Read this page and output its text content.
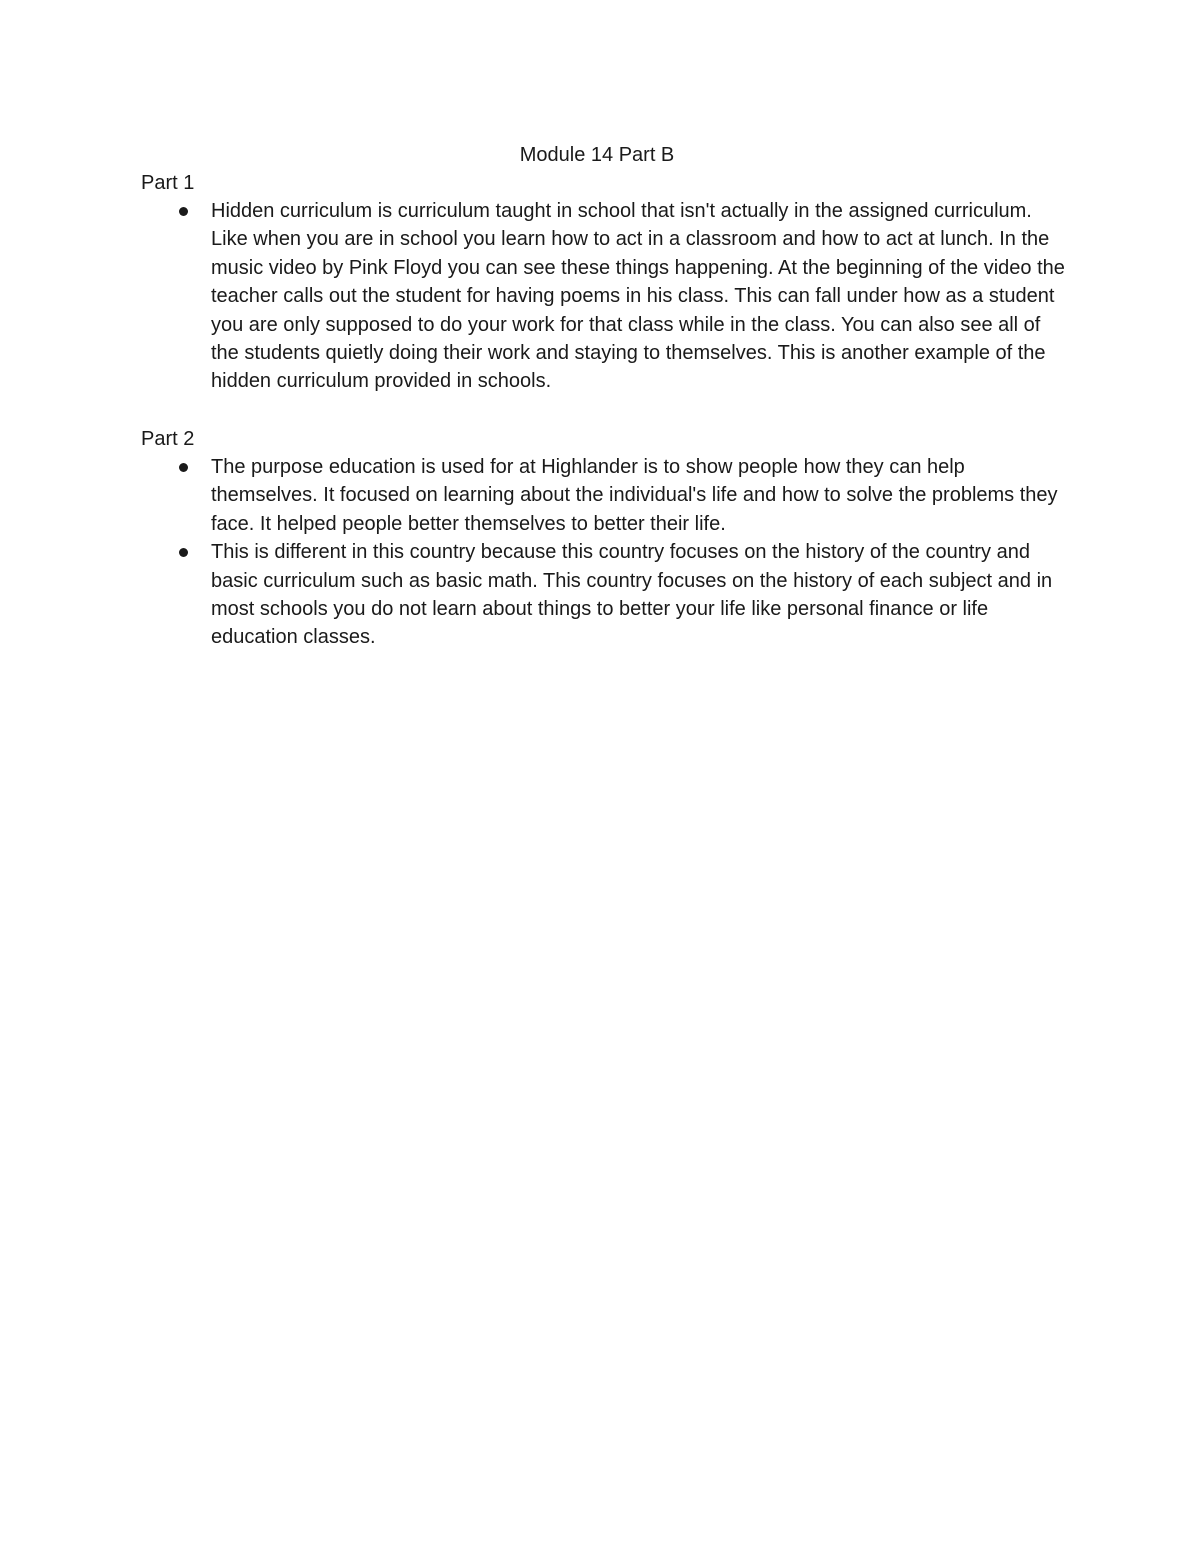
Module 14 Part B

Part 1

Hidden curriculum is curriculum taught in school that isn't actually in the assigned curriculum. Like when you are in school you learn how to act in a classroom and how to act at lunch. In the music video by Pink Floyd you can see these things happening. At the beginning of the video the teacher calls out the student for having poems in his class. This can fall under how as a student you are only supposed to do your work for that class while in the class. You can also see all of the students quietly doing their work and staying to themselves. This is another example of the hidden curriculum provided in schools.

Part 2

The purpose education is used for at Highlander is to show people how they can help themselves. It focused on learning about the individual's life and how to solve the problems they face. It helped people better themselves to better their life.
This is different in this country because this country focuses on the history of the country and basic curriculum such as basic math. This country focuses on the history of each subject and in most schools you do not learn about things to better your life like personal finance or life education classes.
